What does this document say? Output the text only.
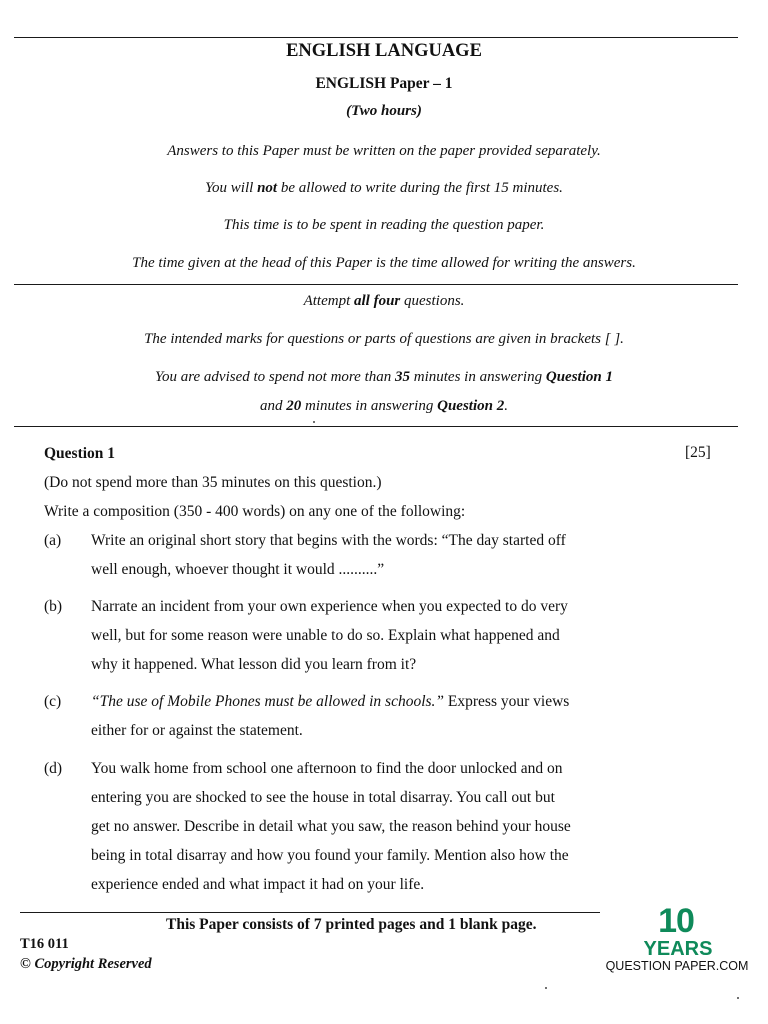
ENGLISH LANGUAGE
ENGLISH Paper – 1
(Two hours)
Answers to this Paper must be written on the paper provided separately.
You will not be allowed to write during the first 15 minutes.
This time is to be spent in reading the question paper.
The time given at the head of this Paper is the time allowed for writing the answers.
Attempt all four questions.
The intended marks for questions or parts of questions are given in brackets [ ].
You are advised to spend not more than 35 minutes in answering Question 1
and 20 minutes in answering Question 2.
Question 1	[25]
(Do not spend more than 35 minutes on this question.)
Write a composition (350 - 400 words) on any one of the following:
(a) Write an original short story that begins with the words: “The day started off
well enough, whoever thought it would ..........”
(b) Narrate an incident from your own experience when you expected to do very
well, but for some reason were unable to do so. Explain what happened and
why it happened. What lesson did you learn from it?
(c) “The use of Mobile Phones must be allowed in schools.” Express your views
either for or against the statement.
(d) You walk home from school one afternoon to find the door unlocked and on
entering you are shocked to see the house in total disarray. You call out but
get no answer. Describe in detail what you saw, the reason behind your house
being in total disarray and how you found your family. Mention also how the
experience ended and what impact it had on your life.
This Paper consists of 7 printed pages and 1 blank page.
T16 011
© Copyright Reserved
10
YEARS
QUESTION PAPER.COM
